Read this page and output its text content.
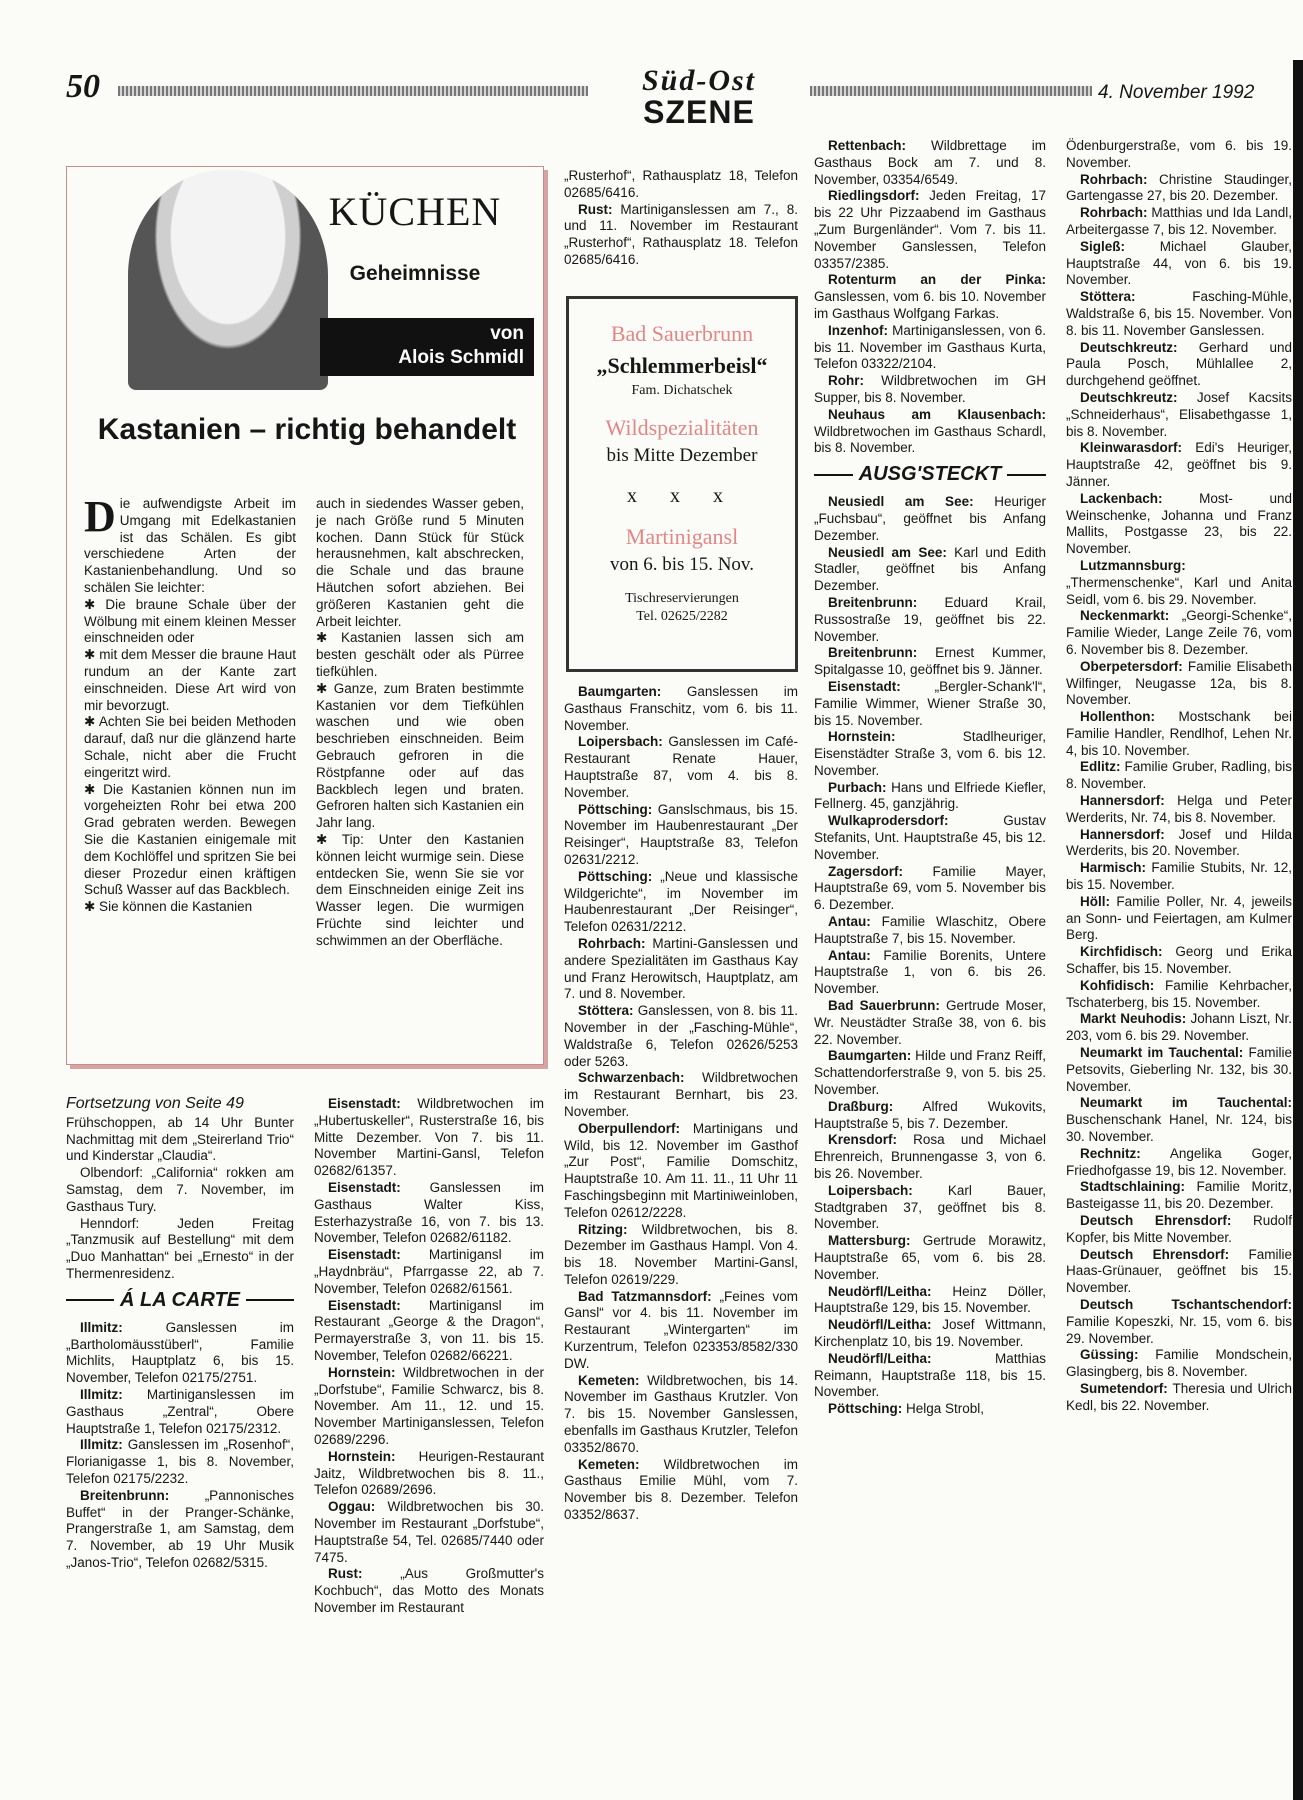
50	Süd-Ost
SZENE
4. November 1992
KÜCHEN
Geheimnisse
von
Alois Schmidl
Kastanien – richtig behandelt

Die aufwendigste Arbeit im Umgang mit Edelkastanien ist das Schälen. Es gibt verschiedene Arten der Kastanienbehandlung. Und so schälen Sie leichter:

✱ Die braune Schale über der Wölbung mit einem kleinen Messer einschneiden oder

✱ mit dem Messer die braune Haut rundum an der Kante zart einschneiden. Diese Art wird von mir bevorzugt.

✱ Achten Sie bei beiden Methoden darauf, daß nur die glänzend harte Schale, nicht aber die Frucht eingeritzt wird.

✱ Die Kastanien können nun im vorgeheizten Rohr bei etwa 200 Grad gebraten werden. Bewegen Sie die Kastanien einigemale mit dem Kochlöffel und spritzen Sie bei dieser Prozedur einen kräftigen Schuß Wasser auf das Backblech.

✱ Sie können die Kastanien

auch in siedendes Wasser geben, je nach Größe rund 5 Minuten kochen. Dann Stück für Stück herausnehmen, kalt abschrecken, die Schale und das braune Häutchen sofort abziehen. Bei größeren Kastanien geht die Arbeit leichter.

✱ Kastanien lassen sich am besten geschält oder als Pürree tiefkühlen.

✱ Ganze, zum Braten bestimmte Kastanien vor dem Tiefkühlen waschen und wie oben beschrieben einschneiden. Beim Gebrauch gefroren in die Röstpfanne oder auf das Backblech legen und braten. Gefroren halten sich Kastanien ein Jahr lang.

✱ Tip: Unter den Kastanien können leicht wurmige sein. Diese entdecken Sie, wenn Sie sie vor dem Einschneiden einige Zeit ins Wasser legen. Die wurmigen Früchte sind leichter und schwimmen an der Oberfläche.

Fortsetzung von Seite 49

Frühschoppen, ab 14 Uhr Bunter Nachmittag mit dem „Steirerland Trio“ und Kinderstar „Claudia“.

Olbendorf: „California“ rokken am Samstag, dem 7. November, im Gasthaus Tury.

Henndorf: Jeden Freitag „Tanzmusik auf Bestellung“ mit dem „Duo Manhattan“ bei „Ernesto“ in der Thermenresidenz.

Á LA CARTE

Illmitz: Ganslessen im „Bartholomäusstüberl“, Familie Michlits, Hauptplatz 6, bis 15. November, Telefon 02175/2751.

Illmitz: Martiniganslessen im Gasthaus „Zentral“, Obere Hauptstraße 1, Telefon 02175/2312.

Illmitz: Ganslessen im „Rosenhof“, Florianigasse 1, bis 8. November, Telefon 02175/2232.

Breitenbrunn: „Pannonisches Buffet“ in der Pranger-Schänke, Prangerstraße 1, am Samstag, dem 7. November, ab 19 Uhr Musik „Janos-Trio“, Telefon 02682/5315.

Eisenstadt: Wildbretwochen im „Hubertuskeller“, Rusterstraße 16, bis Mitte Dezember. Von 7. bis 11. November Martini-Gansl, Telefon 02682/61357.

Eisenstadt: Ganslessen im Gasthaus Walter Kiss, Esterhazystraße 16, von 7. bis 13. November, Telefon 02682/61182.

Eisenstadt: Martinigansl im „Haydnbräu“, Pfarrgasse 22, ab 7. November, Telefon 02682/61561.

Eisenstadt: Martinigansl im Restaurant „George & the Dragon“, Permayerstraße 3, von 11. bis 15. November, Telefon 02682/66221.

Hornstein: Wildbretwochen in der „Dorfstube“, Familie Schwarcz, bis 8. November. Am 11., 12. und 15. November Martiniganslessen, Telefon 02689/2296.

Hornstein: Heurigen-Restaurant Jaitz, Wildbretwochen bis 8. 11., Telefon 02689/2696.

Oggau: Wildbretwochen bis 30. November im Restaurant „Dorfstube“, Hauptstraße 54, Tel. 02685/7440 oder 7475.

Rust: „Aus Großmutter's Kochbuch“, das Motto des Monats November im Restaurant

„Rusterhof“, Rathausplatz 18, Telefon 02685/6416.

Rust: Martiniganslessen am 7., 8. und 11. November im Restaurant „Rusterhof“, Rathausplatz 18. Telefon 02685/6416.

Bad Sauerbrunn
„Schlemmerbeisl“
Fam. Dichatschek
Wildspezialitäten
bis Mitte Dezember
x x x
Martinigansl
von 6. bis 15. Nov.
Tischreservierungen
Tel. 02625/2282

Baumgarten: Ganslessen im Gasthaus Franschitz, vom 6. bis 11. November.

Loipersbach: Ganslessen im Café-Restaurant Renate Hauer, Hauptstraße 87, vom 4. bis 8. November.

Pöttsching: Ganslschmaus, bis 15. November im Haubenrestaurant „Der Reisinger“, Hauptstraße 83, Telefon 02631/2212.

Pöttsching: „Neue und klassische Wildgerichte“, im November im Haubenrestaurant „Der Reisinger“, Telefon 02631/2212.

Rohrbach: Martini-Ganslessen und andere Spezialitäten im Gasthaus Kay und Franz Herowitsch, Hauptplatz, am 7. und 8. November.

Stöttera: Ganslessen, von 8. bis 11. November in der „Fasching-Mühle“, Waldstraße 6, Telefon 02626/5253 oder 5263.

Schwarzenbach: Wildbretwochen im Restaurant Bernhart, bis 23. November.

Oberpullendorf: Martinigans und Wild, bis 12. November im Gasthof „Zur Post“, Familie Domschitz, Hauptstraße 10. Am 11. 11., 11 Uhr 11 Faschingsbeginn mit Martiniweinloben, Telefon 02612/2228.

Ritzing: Wildbretwochen, bis 8. Dezember im Gasthaus Hampl. Von 4. bis 18. November Martini-Gansl, Telefon 02619/229.

Bad Tatzmannsdorf: „Feines vom Gansl“ vor 4. bis 11. November im Restaurant „Wintergarten“ im Kurzentrum, Telefon 023353/8582/330 DW.

Kemeten: Wildbretwochen, bis 14. November im Gasthaus Krutzler. Von 7. bis 15. November Ganslessen, ebenfalls im Gasthaus Krutzler, Telefon 03352/8670.

Kemeten: Wildbretwochen im Gasthaus Emilie Mühl, vom 7. November bis 8. Dezember. Telefon 03352/8637.

Rettenbach: Wildbrettage im Gasthaus Bock am 7. und 8. November, 03354/6549.

Riedlingsdorf: Jeden Freitag, 17 bis 22 Uhr Pizzaabend im Gasthaus „Zum Burgenländer“. Vom 7. bis 11. November Ganslessen, Telefon 03357/2385.

Rotenturm an der Pinka: Ganslessen, vom 6. bis 10. November im Gasthaus Wolfgang Farkas.

Inzenhof: Martiniganslessen, von 6. bis 11. November im Gasthaus Kurta, Telefon 03322/2104.

Rohr: Wildbretwochen im GH Supper, bis 8. November.

Neuhaus am Klausenbach: Wildbretwochen im Gasthaus Schardl, bis 8. November.

AUSG'STECKT

Neusiedl am See: Heuriger „Fuchsbau“, geöffnet bis Anfang Dezember.

Neusiedl am See: Karl und Edith Stadler, geöffnet bis Anfang Dezember.

Breitenbrunn: Eduard Krail, Russostraße 19, geöffnet bis 22. November.

Breitenbrunn: Ernest Kummer, Spitalgasse 10, geöffnet bis 9. Jänner.

Eisenstadt: „Bergler-Schank'l“, Familie Wimmer, Wiener Straße 30, bis 15. November.

Hornstein: Stadlheuriger, Eisenstädter Straße 3, vom 6. bis 12. November.

Purbach: Hans und Elfriede Kiefler, Fellnerg. 45, ganzjährig.

Wulkaprodersdorf: Gustav Stefanits, Unt. Hauptstraße 45, bis 12. November.

Zagersdorf: Familie Mayer, Hauptstraße 69, vom 5. November bis 6. Dezember.

Antau: Familie Wlaschitz, Obere Hauptstraße 7, bis 15. November.

Antau: Familie Borenits, Untere Hauptstraße 1, von 6. bis 26. November.

Bad Sauerbrunn: Gertrude Moser, Wr. Neustädter Straße 38, von 6. bis 22. November.

Baumgarten: Hilde und Franz Reiff, Schattendorferstraße 9, von 5. bis 25. November.

Draßburg: Alfred Wukovits, Hauptstraße 5, bis 7. Dezember.

Krensdorf: Rosa und Michael Ehrenreich, Brunnengasse 3, von 6. bis 26. November.

Loipersbach: Karl Bauer, Stadtgraben 37, geöffnet bis 8. November.

Mattersburg: Gertrude Morawitz, Hauptstraße 65, vom 6. bis 28. November.

Neudörfl/Leitha: Heinz Döller, Hauptstraße 129, bis 15. November.

Neudörfl/Leitha: Josef Wittmann, Kirchenplatz 10, bis 19. November.

Neudörfl/Leitha: Matthias Reimann, Hauptstraße 118, bis 15. November.

Pöttsching: Helga Strobl,

Ödenburgerstraße, vom 6. bis 19. November.

Rohrbach: Christine Staudinger, Gartengasse 27, bis 20. Dezember.

Rohrbach: Matthias und Ida Landl, Arbeitergasse 7, bis 12. November.

Sigleß: Michael Glauber, Hauptstraße 44, von 6. bis 19. November.

Stöttera: Fasching-Mühle, Waldstraße 6, bis 15. November. Von 8. bis 11. November Ganslessen.

Deutschkreutz: Gerhard und Paula Posch, Mühlallee 2, durchgehend geöffnet.

Deutschkreutz: Josef Kacsits „Schneiderhaus“, Elisabethgasse 1, bis 8. November.

Kleinwarasdorf: Edi's Heuriger, Hauptstraße 42, geöffnet bis 9. Jänner.

Lackenbach: Most- und Weinschenke, Johanna und Franz Mallits, Postgasse 23, bis 22. November.

Lutzmannsburg: „Thermenschenke“, Karl und Anita Seidl, vom 6. bis 29. November.

Neckenmarkt: „Georgi-Schenke“, Familie Wieder, Lange Zeile 76, vom 6. November bis 8. Dezember.

Oberpetersdorf: Familie Elisabeth Wilfinger, Neugasse 12a, bis 8. November.

Hollenthon: Mostschank bei Familie Handler, Rendlhof, Lehen Nr. 4, bis 10. November.

Edlitz: Familie Gruber, Radling, bis 8. November.

Hannersdorf: Helga und Peter Werderits, Nr. 74, bis 8. November.

Hannersdorf: Josef und Hilda Werderits, bis 20. November.

Harmisch: Familie Stubits, Nr. 12, bis 15. November.

Höll: Familie Poller, Nr. 4, jeweils an Sonn- und Feiertagen, am Kulmer Berg.

Kirchfidisch: Georg und Erika Schaffer, bis 15. November.

Kohfidisch: Familie Kehrbacher, Tschaterberg, bis 15. November.

Markt Neuhodis: Johann Liszt, Nr. 203, vom 6. bis 29. November.

Neumarkt im Tauchental: Familie Petsovits, Gieberling Nr. 132, bis 30. November.

Neumarkt im Tauchental: Buschenschank Hanel, Nr. 124, bis 30. November.

Rechnitz: Angelika Goger, Friedhofgasse 19, bis 12. November.

Stadtschlaining: Familie Moritz, Basteigasse 11, bis 20. Dezember.

Deutsch Ehrensdorf: Rudolf Kopfer, bis Mitte November.

Deutsch Ehrensdorf: Familie Haas-Grünauer, geöffnet bis 15. November.

Deutsch Tschantschendorf: Familie Kopeszki, Nr. 15, vom 6. bis 29. November.

Güssing: Familie Mondschein, Glasingberg, bis 8. November.

Sumetendorf: Theresia und Ulrich Kedl, bis 22. November.
